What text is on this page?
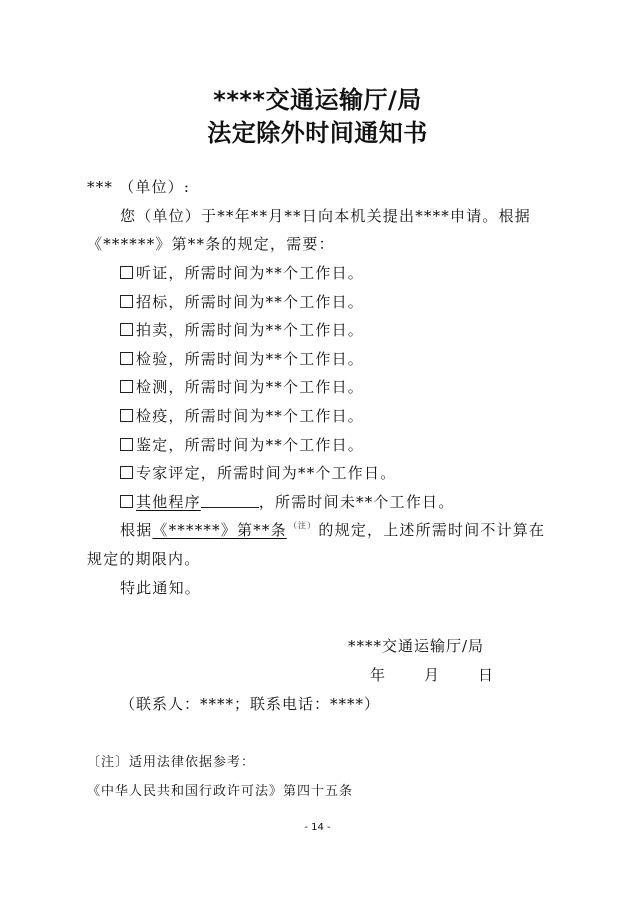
****交通运输厅/局
法定除外时间通知书
*** （单位）:
您（单位）于**年**月**日向本机关提出****申请。根据
《******》第**条的规定，需要：
听证，所需时间为**个工作日。
招标，所需时间为**个工作日。
拍卖，所需时间为**个工作日。
检验，所需时间为**个工作日。
检测，所需时间为**个工作日。
检疫，所需时间为**个工作日。
鉴定，所需时间为**个工作日。
专家评定，所需时间为**个工作日。
其他程序	，所需时间未**个工作日。
根据《******》第**条 $^{(注)}$ 的规定，上述所需时间不计算在
规定的期限内。
特此通知。
****交通运输厅/局
年	月	日
（联系人：****；联系电话：****）
〔注〕适用法律依据参考：
《中华人民共和国行政许可法》第四十五条
- 14 -
